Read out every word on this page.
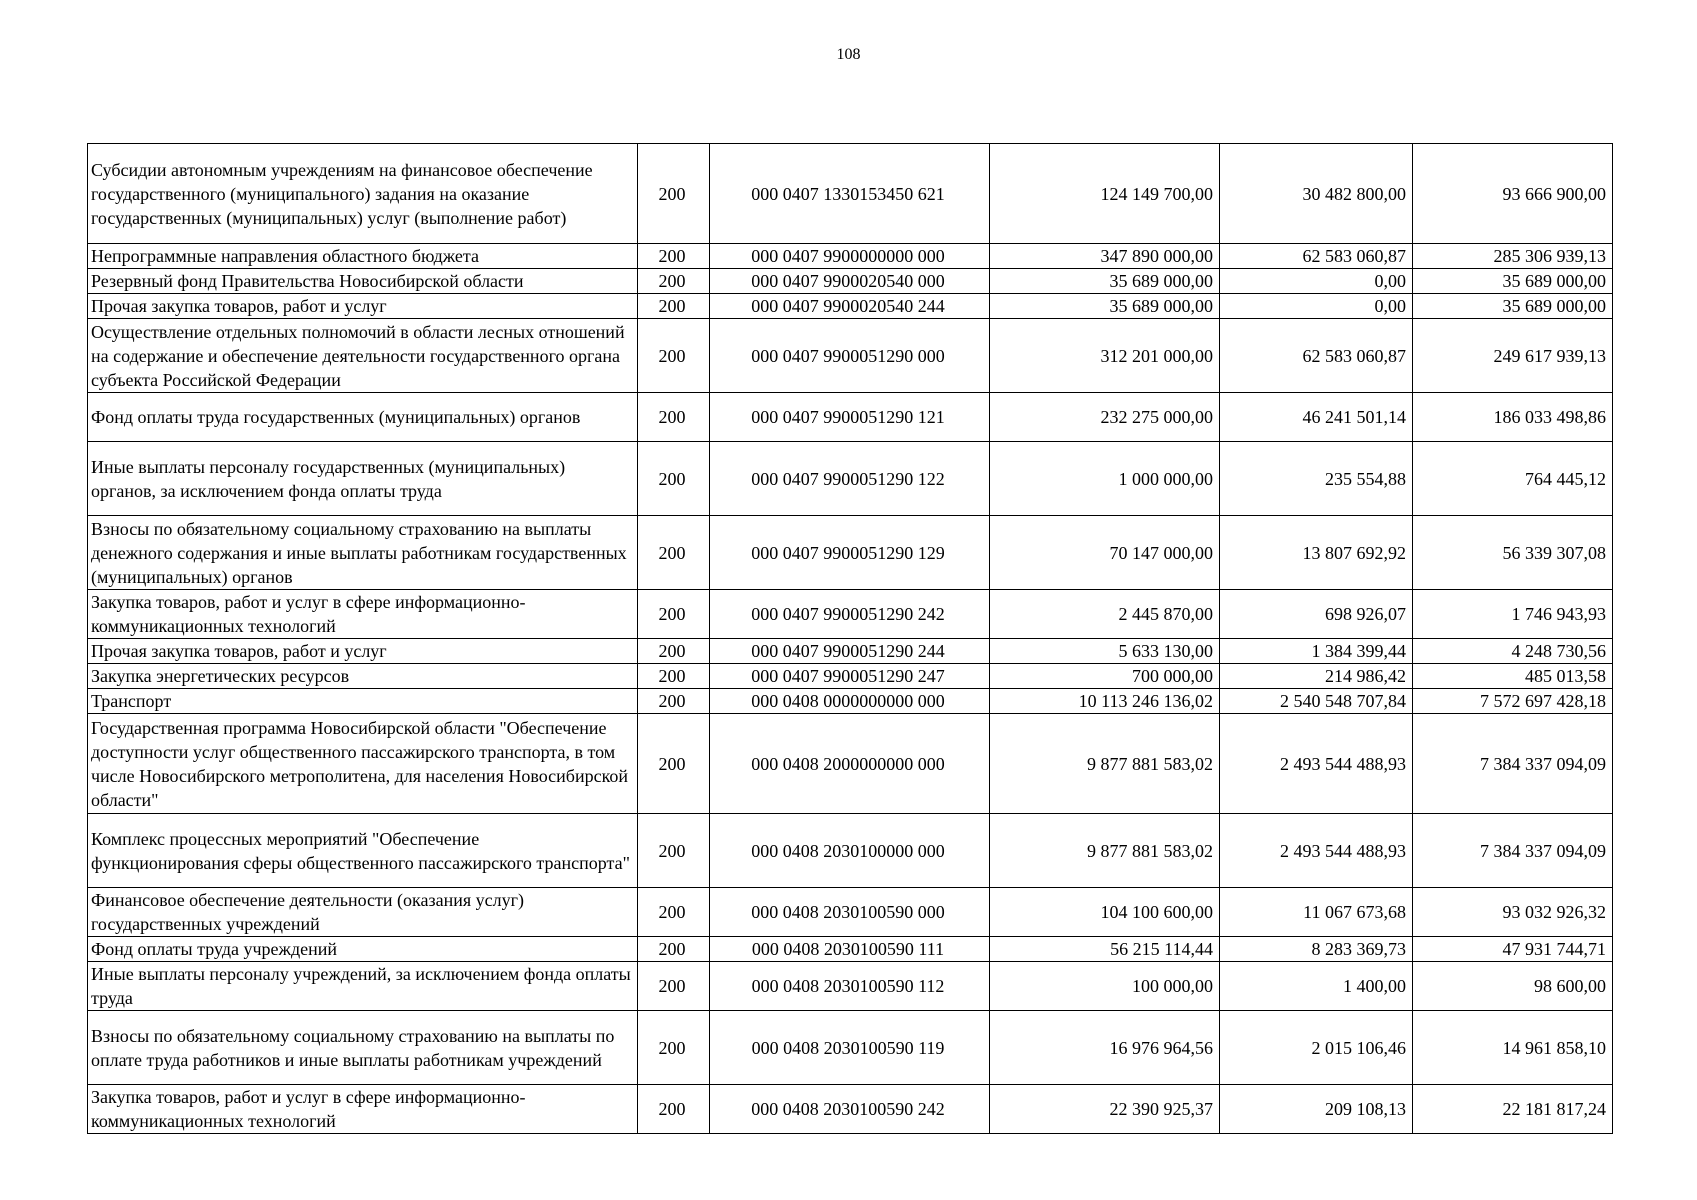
108
Субсидии автономным учреждениям на финансовое обеспечение государственного (муниципального) задания на оказание государственных (муниципальных) услуг (выполнение работ)	200	000 0407 1330153450 621	124 149 700,00	30 482 800,00	93 666 900,00
Непрограммные направления областного бюджета	200	000 0407 9900000000 000	347 890 000,00	62 583 060,87	285 306 939,13
Резервный фонд Правительства Новосибирской области	200	000 0407 9900020540 000	35 689 000,00	0,00	35 689 000,00
Прочая закупка товаров, работ и услуг	200	000 0407 9900020540 244	35 689 000,00	0,00	35 689 000,00
Осуществление отдельных полномочий в области лесных отношений на содержание и обеспечение деятельности государственного органа субъекта Российской Федерации	200	000 0407 9900051290 000	312 201 000,00	62 583 060,87	249 617 939,13
Фонд оплаты труда государственных (муниципальных) органов	200	000 0407 9900051290 121	232 275 000,00	46 241 501,14	186 033 498,86
Иные выплаты персоналу государственных (муниципальных) органов, за исключением фонда оплаты труда	200	000 0407 9900051290 122	1 000 000,00	235 554,88	764 445,12
Взносы по обязательному социальному страхованию на выплаты денежного содержания и иные выплаты работникам государственных (муниципальных) органов	200	000 0407 9900051290 129	70 147 000,00	13 807 692,92	56 339 307,08
Закупка товаров, работ и услуг в сфере информационно-коммуникационных технологий	200	000 0407 9900051290 242	2 445 870,00	698 926,07	1 746 943,93
Прочая закупка товаров, работ и услуг	200	000 0407 9900051290 244	5 633 130,00	1 384 399,44	4 248 730,56
Закупка энергетических ресурсов	200	000 0407 9900051290 247	700 000,00	214 986,42	485 013,58
Транспорт	200	000 0408 0000000000 000	10 113 246 136,02	2 540 548 707,84	7 572 697 428,18
Государственная программа Новосибирской области "Обеспечение доступности услуг общественного пассажирского транспорта, в том числе Новосибирского метрополитена, для населения Новосибирской области"	200	000 0408 2000000000 000	9 877 881 583,02	2 493 544 488,93	7 384 337 094,09
Комплекс процессных мероприятий "Обеспечение функционирования сферы общественного пассажирского транспорта"	200	000 0408 2030100000 000	9 877 881 583,02	2 493 544 488,93	7 384 337 094,09
Финансовое обеспечение деятельности (оказания услуг) государственных учреждений	200	000 0408 2030100590 000	104 100 600,00	11 067 673,68	93 032 926,32
Фонд оплаты труда учреждений	200	000 0408 2030100590 111	56 215 114,44	8 283 369,73	47 931 744,71
Иные выплаты персоналу учреждений, за исключением фонда оплаты труда	200	000 0408 2030100590 112	100 000,00	1 400,00	98 600,00
Взносы по обязательному социальному страхованию на выплаты по оплате труда работников и иные выплаты работникам учреждений	200	000 0408 2030100590 119	16 976 964,56	2 015 106,46	14 961 858,10
Закупка товаров, работ и услуг в сфере информационно-коммуникационных технологий	200	000 0408 2030100590 242	22 390 925,37	209 108,13	22 181 817,24
